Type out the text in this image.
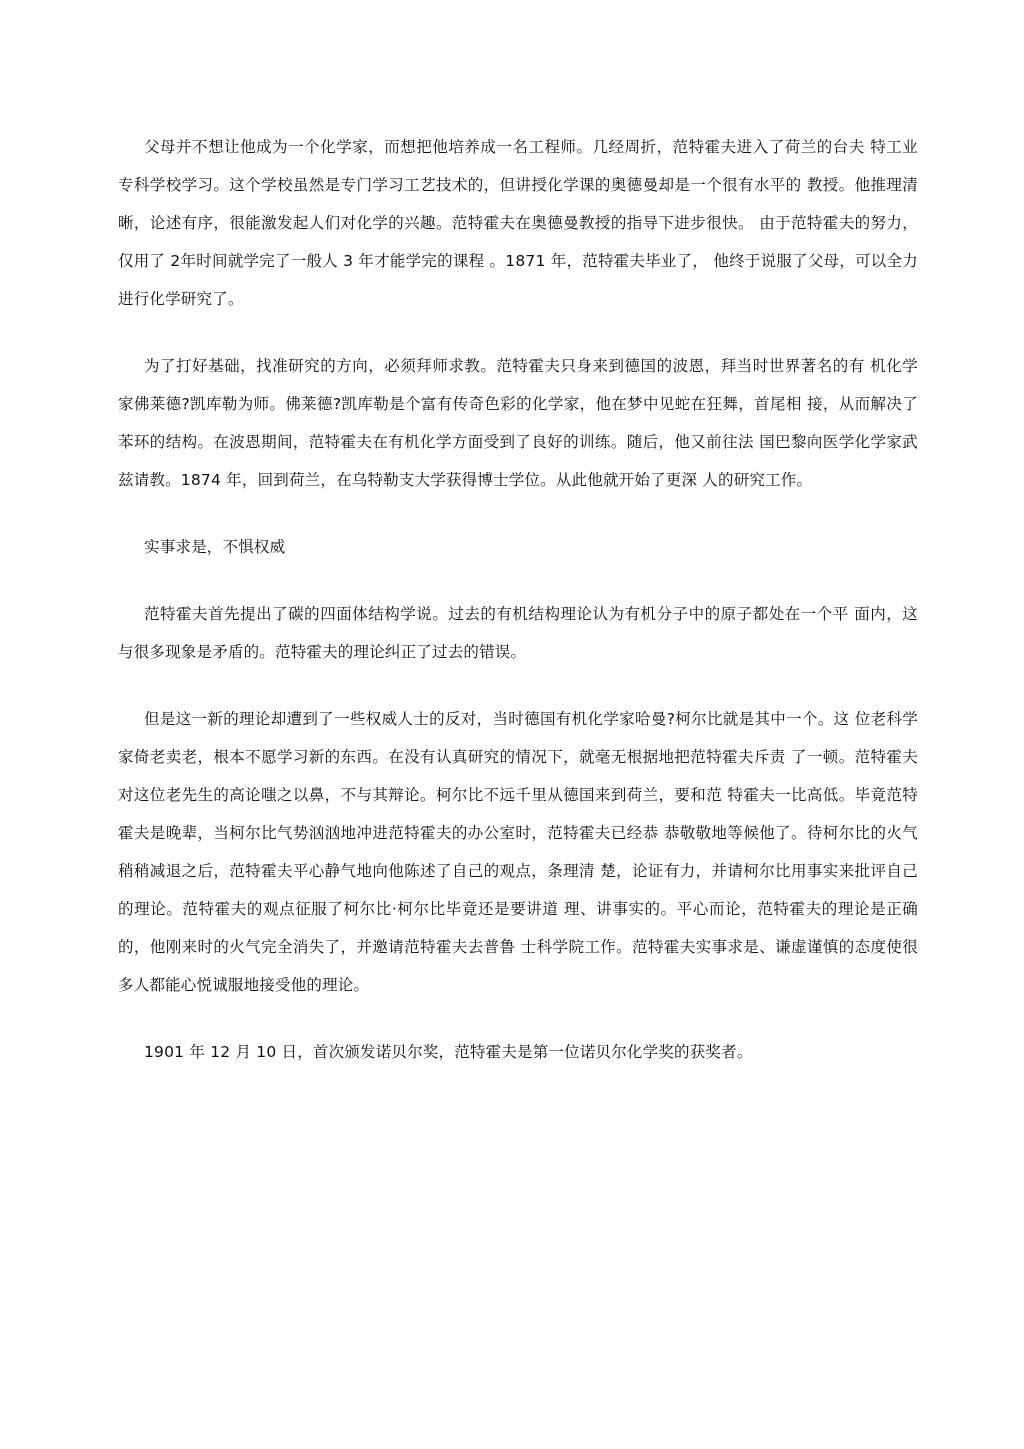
父母并不想让他成为一个化学家，而想把他培养成一名工程师。几经周折，范特霍夫进入了荷兰的台夫 特工业专科学校学习。这个学校虽然是专门学习工艺技术的，但讲授化学课的奥德曼却是一个很有水平的 教授。他推理清晰，论述有序，很能激发起人们对化学的兴趣。范特霍夫在奥德曼教授的指导下进步很快。 由于范特霍夫的努力，仅用了 2年时间就学完了一般人 3 年才能学完的课程 。1871 年，范特霍夫毕业了， 他终于说服了父母，可以全力进行化学研究了。

为了打好基础，找准研究的方向，必须拜师求教。范特霍夫只身来到德国的波恩，拜当时世界著名的有 机化学家佛莱德?凯库勒为师。佛莱德?凯库勒是个富有传奇色彩的化学家，他在梦中见蛇在狂舞，首尾相 接，从而解决了苯环的结构。在波恩期间，范特霍夫在有机化学方面受到了良好的训练。随后，他又前往法 国巴黎向医学化学家武兹请教。1874 年，回到荷兰，在乌特勒支大学获得博士学位。从此他就开始了更深 人的研究工作。

实事求是，不惧权威

范特霍夫首先提出了碳的四面体结构学说。过去的有机结构理论认为有机分子中的原子都处在一个平 面内，这与很多现象是矛盾的。范特霍夫的理论纠正了过去的错误。

但是这一新的理论却遭到了一些权威人士的反对，当时德国有机化学家哈曼?柯尔比就是其中一个。这 位老科学家倚老卖老，根本不愿学习新的东西。在没有认真研究的情况下，就毫无根据地把范特霍夫斥责 了一顿。范特霍夫对这位老先生的高论嗤之以鼻，不与其辩论。柯尔比不远千里从德国来到荷兰，要和范 特霍夫一比高低。毕竟范特霍夫是晚辈，当柯尔比气势汹汹地冲进范特霍夫的办公室时，范特霍夫已经恭 恭敬敬地等候他了。待柯尔比的火气稍稍减退之后，范特霍夫平心静气地向他陈述了自己的观点，条理清 楚，论证有力，并请柯尔比用事实来批评自己的理论。范特霍夫的观点征服了柯尔比·柯尔比毕竟还是要讲道 理、讲事实的。平心而论，范特霍夫的理论是正确的，他刚来时的火气完全消失了，并邀请范特霍夫去普鲁 士科学院工作。范特霍夫实事求是、谦虚谨慎的态度使很多人都能心悦诚服地接受他的理论。

1901 年 12 月 10 日，首次颁发诺贝尔奖，范特霍夫是第一位诺贝尔化学奖的获奖者。
